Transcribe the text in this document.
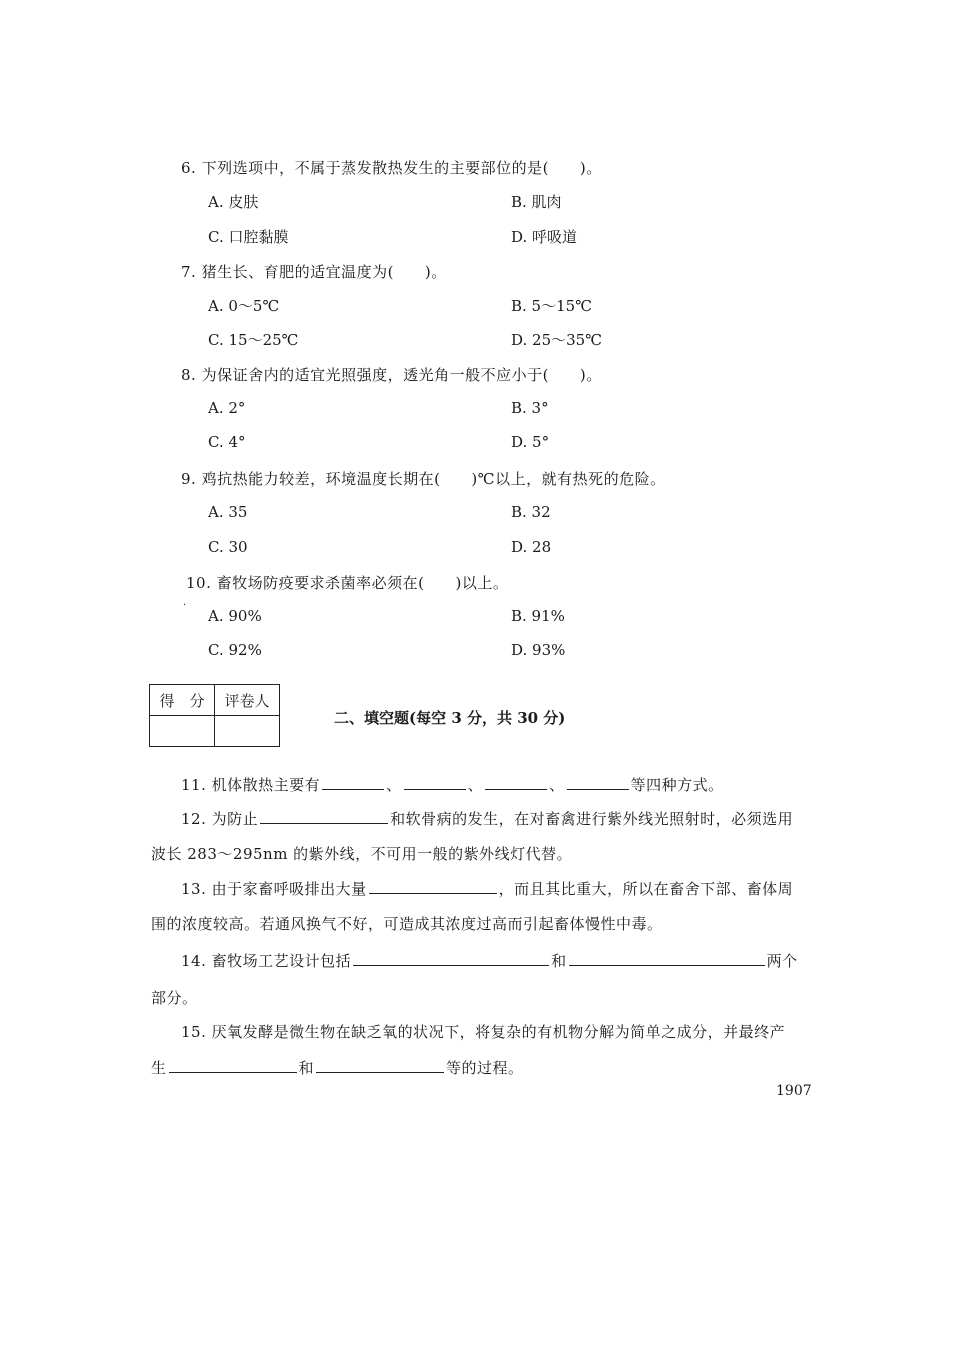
6. 下列选项中，不属于蒸发散热发生的主要部位的是(　　)。
A. 皮肤	B. 肌肉
C. 口腔黏膜	D. 呼吸道
7. 猪生长、育肥的适宜温度为(　　)。
A. 0～5℃	B. 5～15℃
C. 15～25℃	D. 25～35℃
8. 为保证舍内的适宜光照强度，透光角一般不应小于(　　)。
A. 2°	B. 3°
C. 4°	D. 5°
9. 鸡抗热能力较差，环境温度长期在(　　)℃以上，就有热死的危险。
A. 35	B. 32
C. 30	D. 28
10. 畜牧场防疫要求杀菌率必须在(　　)以上。
·
A. 90%	B. 91%
C. 92%	D. 93%
得　分	评卷人

二、填空题(每空 3 分，共 30 分)
11. 机体散热主要有	、	、	、	等四种方式。
12. 为防止	和软骨病的发生，在对畜禽进行紫外线光照射时，必须选用
波长 283～295nm 的紫外线，不可用一般的紫外线灯代替。
13. 由于家畜呼吸排出大量	，而且其比重大，所以在畜舍下部、畜体周
围的浓度较高。若通风换气不好，可造成其浓度过高而引起畜体慢性中毒。
14. 畜牧场工艺设计包括	和	两个
部分。
15. 厌氧发酵是微生物在缺乏氧的状况下，将复杂的有机物分解为简单之成分，并最终产
生	和	等的过程。
1907
